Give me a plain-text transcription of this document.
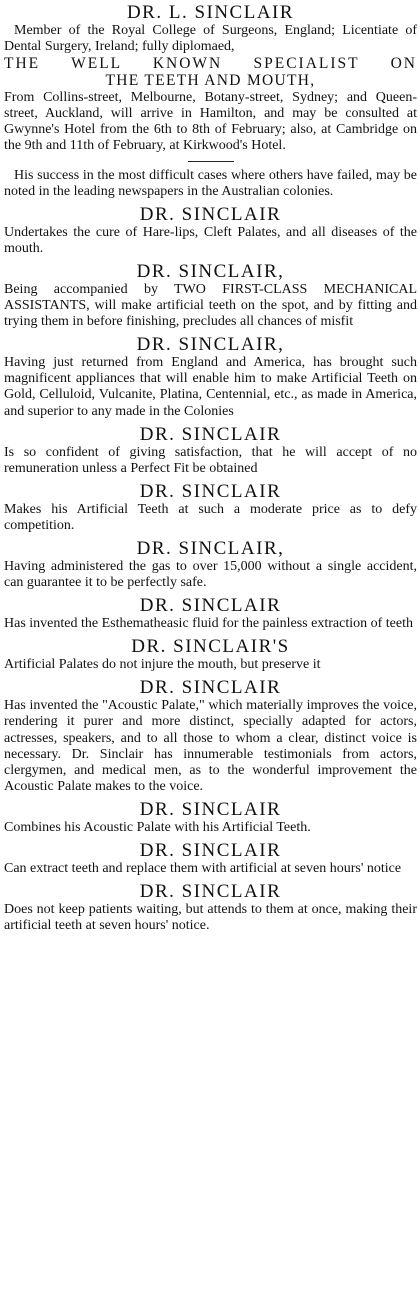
DR. L. SINCLAIR

Member of the Royal College of Surgeons, England; Licentiate of Dental Surgery, Ireland; fully diplomaed,

THE WELL KNOWN SPECIALIST ON

THE TEETH AND MOUTH,

From Collins-street, Melbourne, Botany-street, Sydney; and Queen-street, Auckland, will arrive in Hamilton, and may be consulted at Gwynne's Hotel from the 6th to 8th of February; also, at Cambridge on the 9th and 11th of February, at Kirkwood's Hotel.

His success in the most difficult cases where others have failed, may be noted in the leading newspapers in the Australian colonies.

DR. SINCLAIR

Undertakes the cure of Hare-lips, Cleft Palates, and all diseases of the mouth.

DR. SINCLAIR,

Being accompanied by TWO FIRST-CLASS MECHANICAL ASSISTANTS, will make artificial teeth on the spot, and by fitting and trying them in before finishing, precludes all chances of misfit

DR. SINCLAIR,

Having just returned from England and America, has brought such magnificent appliances that will enable him to make Artificial Teeth on Gold, Celluloid, Vulcanite, Platina, Centennial, etc., as made in America, and superior to any made in the Colonies

DR. SINCLAIR

Is so confident of giving satisfaction, that he will accept of no remuneration unless a Perfect Fit be obtained

DR. SINCLAIR

Makes his Artificial Teeth at such a moderate price as to defy competition.

DR. SINCLAIR,

Having administered the gas to over 15,000 without a single accident, can guarantee it to be perfectly safe.

DR. SINCLAIR

Has invented the Esthematheasic fluid for the painless extraction of teeth

DR. SINCLAIR'S

Artificial Palates do not injure the mouth, but preserve it

DR. SINCLAIR

Has invented the "Acoustic Palate," which materially improves the voice, rendering it purer and more distinct, specially adapted for actors, actresses, speakers, and to all those to whom a clear, distinct voice is necessary. Dr. Sinclair has innumerable testimonials from actors, clergymen, and medical men, as to the wonderful improvement the Acoustic Palate makes to the voice.

DR. SINCLAIR

Combines his Acoustic Palate with his Artificial Teeth.

DR. SINCLAIR

Can extract teeth and replace them with artificial at seven hours' notice

DR. SINCLAIR

Does not keep patients waiting, but attends to them at once, making their artificial teeth at seven hours' notice.
